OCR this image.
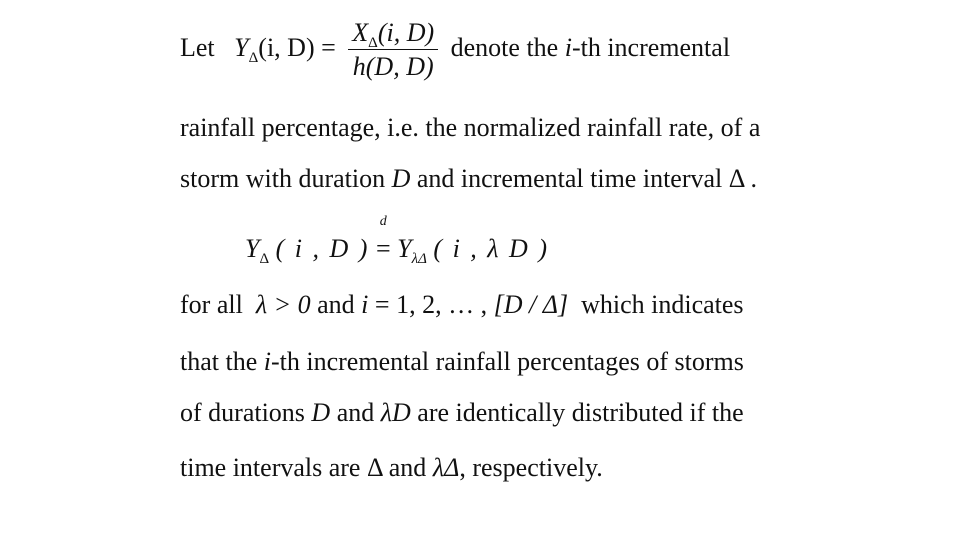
Let $Y_\Delta(i$, $D) = \frac{X_\Delta(i, D)}{h(D, D)}$ denote the i-th incremental
rainfall percentage, i.e. the normalized rainfall rate, of a
storm with duration D and incremental time interval Δ .
$Y_\Delta$ ( i , D )
d
= $Y_{\lambda\Delta}$ ( i , λ D )
for all  λ > 0 and i = 1, 2, … , [D / Δ]  which indicates
that the i-th incremental rainfall percentages of storms
of durations D and λD are identically distributed if the
time intervals are Δ and λΔ, respectively.
